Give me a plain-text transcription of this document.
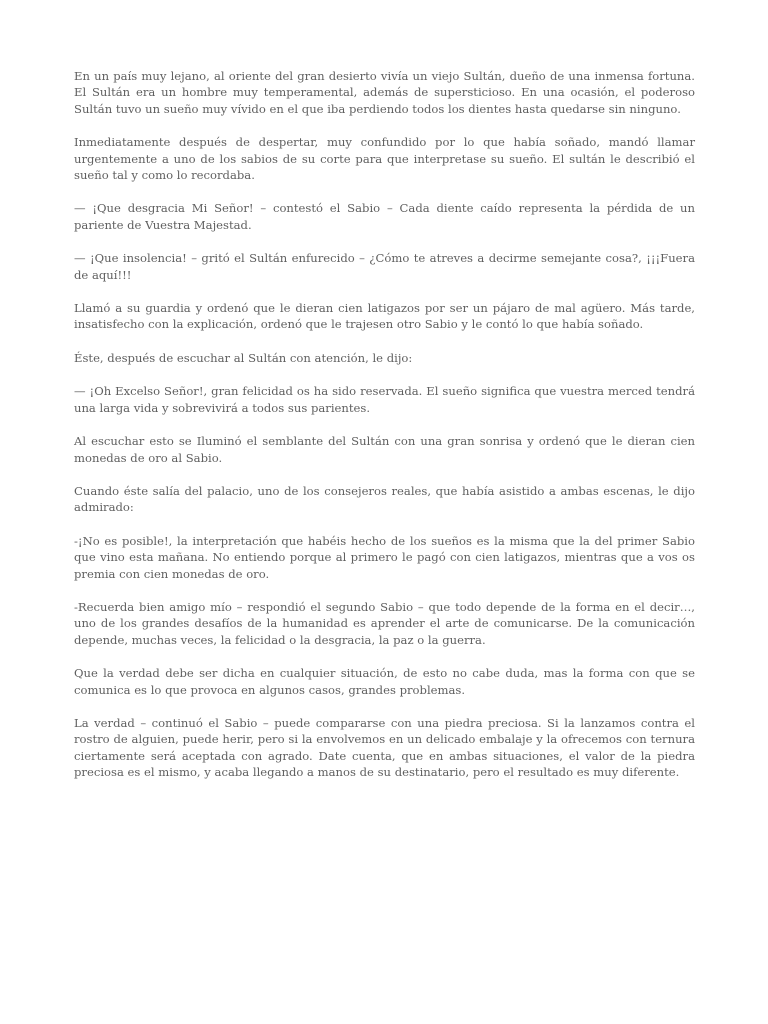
En un país muy lejano, al oriente del gran desierto vivía un viejo Sultán, dueño de una inmensa fortuna. El Sultán era un hombre muy temperamental, además de supersticioso. En una ocasión, el poderoso Sultán tuvo un sueño muy vívido en el que iba perdiendo todos los dientes hasta quedarse sin ninguno.

Inmediatamente después de despertar, muy confundido por lo que había soñado, mandó llamar urgentemente a uno de los sabios de su corte para que interpretase su sueño. El sultán le describió el sueño tal y como lo recordaba.

— ¡Que desgracia Mi Señor! – contestó el Sabio – Cada diente caído representa la pérdida de un pariente de Vuestra Majestad.

— ¡Que insolencia! – gritó el Sultán enfurecido – ¿Cómo te atreves a decirme semejante cosa?, ¡¡¡Fuera de aquí!!!

Llamó a su guardia y ordenó que le dieran cien latigazos por ser un pájaro de mal agüero. Más tarde, insatisfecho con la explicación, ordenó que le trajesen otro Sabio y le contó lo que había soñado.

Éste, después de escuchar al Sultán con atención, le dijo:

— ¡Oh Excelso Señor!, gran felicidad os ha sido reservada. El sueño significa que vuestra merced tendrá una larga vida y sobrevivirá a todos sus parientes.

Al escuchar esto se Iluminó el semblante del Sultán con una gran sonrisa y ordenó que le dieran cien monedas de oro al Sabio.

Cuando éste salía del palacio, uno de los consejeros reales, que había asistido a ambas escenas, le dijo admirado:

-¡No es posible!, la interpretación que habéis hecho de los sueños es la misma que la del primer Sabio que vino esta mañana. No entiendo porque al primero le pagó con cien latigazos, mientras que a vos os premia con cien monedas de oro.

-Recuerda bien amigo mío – respondió el segundo Sabio – que todo depende de la forma en el decir…, uno de los grandes desafíos de la humanidad es aprender el arte de comunicarse. De la comunicación depende, muchas veces, la felicidad o la desgracia, la paz o la guerra.

Que la verdad debe ser dicha en cualquier situación, de esto no cabe duda, mas la forma con que se comunica es lo que provoca en algunos casos, grandes problemas.

La verdad – continuó el Sabio – puede compararse con una piedra preciosa. Si la lanzamos contra el rostro de alguien, puede herir, pero si la envolvemos en un delicado embalaje y la ofrecemos con ternura ciertamente será aceptada con agrado. Date cuenta, que en ambas situaciones, el valor de la piedra preciosa es el mismo, y acaba llegando a manos de su destinatario, pero el resultado es muy diferente.
